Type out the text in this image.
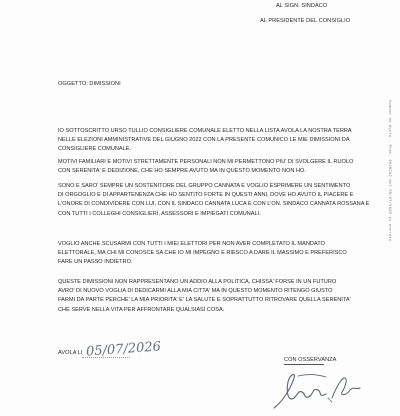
AL SIGN. SINDACO
AL PRESIDENTE DEL CONSIGLIO
OGGETTO: DIMISSIONI
IO SOTTOSCRITTO URSO TULLIO CONSIGLIERE COMUNALE ELETTO NELLA LISTA AVOLA LA NOSTRA TERRA
NELLE ELEZIONI AMMINISTRATIVE DEL GIUGNO 2022 CON LA PRESENTE COMUNICO LE MIE DIMISSIONI DA
CONSIGLIERE COMUNALE.
MOTIVI FAMILIARI E MOTIVI STRETTAMENTE PERSONALI NON MI PERMETTONO PIU' DI SVOLGERE IL RUOLO
CON SERENITA' E DEDIZIONE, CHE HO SEMPRE AVUTO MA IN QUESTO MOMENTO NON HO.
SONO E SARO' SEMPRE UN SOSTENITORE DEL GRUPPO CANNATA E VOGLIO ESPRIMERE UN SENTIMENTO
DI ORGOGLIO E DI APPARTENENZA CHE HO SENTITO FORTE IN QUESTI ANNI, DOVE HO AVUTO IL PIACERE E
L'ONORE DI CONDIVIDERE CON LUI, CON IL SINDACO CANNATA LUCA E CON L'ON. SINDACO CANNATA ROSSANA E
CON TUTTI I COLLEGHI CONSIGLIERI, ASSESSORI E IMPIEGATI COMUNALI.
VOGLIO ANCHE SCUSARMI CON TUTTI I MIEI ELETTORI PER NON AVER COMPLETATO IL MANDATO
ELETTORALE, MA CHI MI CONOSCE SA CHE IO MI IMPEGNO E RIESCO A DARE IL MASSIMO E PREFERISCO
FARE UN PASSO INDIETRO.
QUESTE DIMISSIONI NON RAPPRESENTANO UN ADDIO ALLA POLITICA, CHISSA' FORSE IN UN FUTURO
AVRO' DI NUOVO VOGLIA DI DEDICARMI ALLA MIA CITTA' MA IN QUESTO MOMENTO RITENGO GIUSTO
FARMI DA PARTE PERCHE' LA MIA PRIORITA' E' LA SALUTE E SOPRATTUTTO RITROVARE QUELLA SERENITA'
CHE SERVE NELLA VITA PER AFFRONTARE QUALSIASI COSA.
AVOLA LI 05/07/2026
CON OSSERVANZA
Comune di Avola - Prot. 0028292 del 06/07/2026 in entrata
